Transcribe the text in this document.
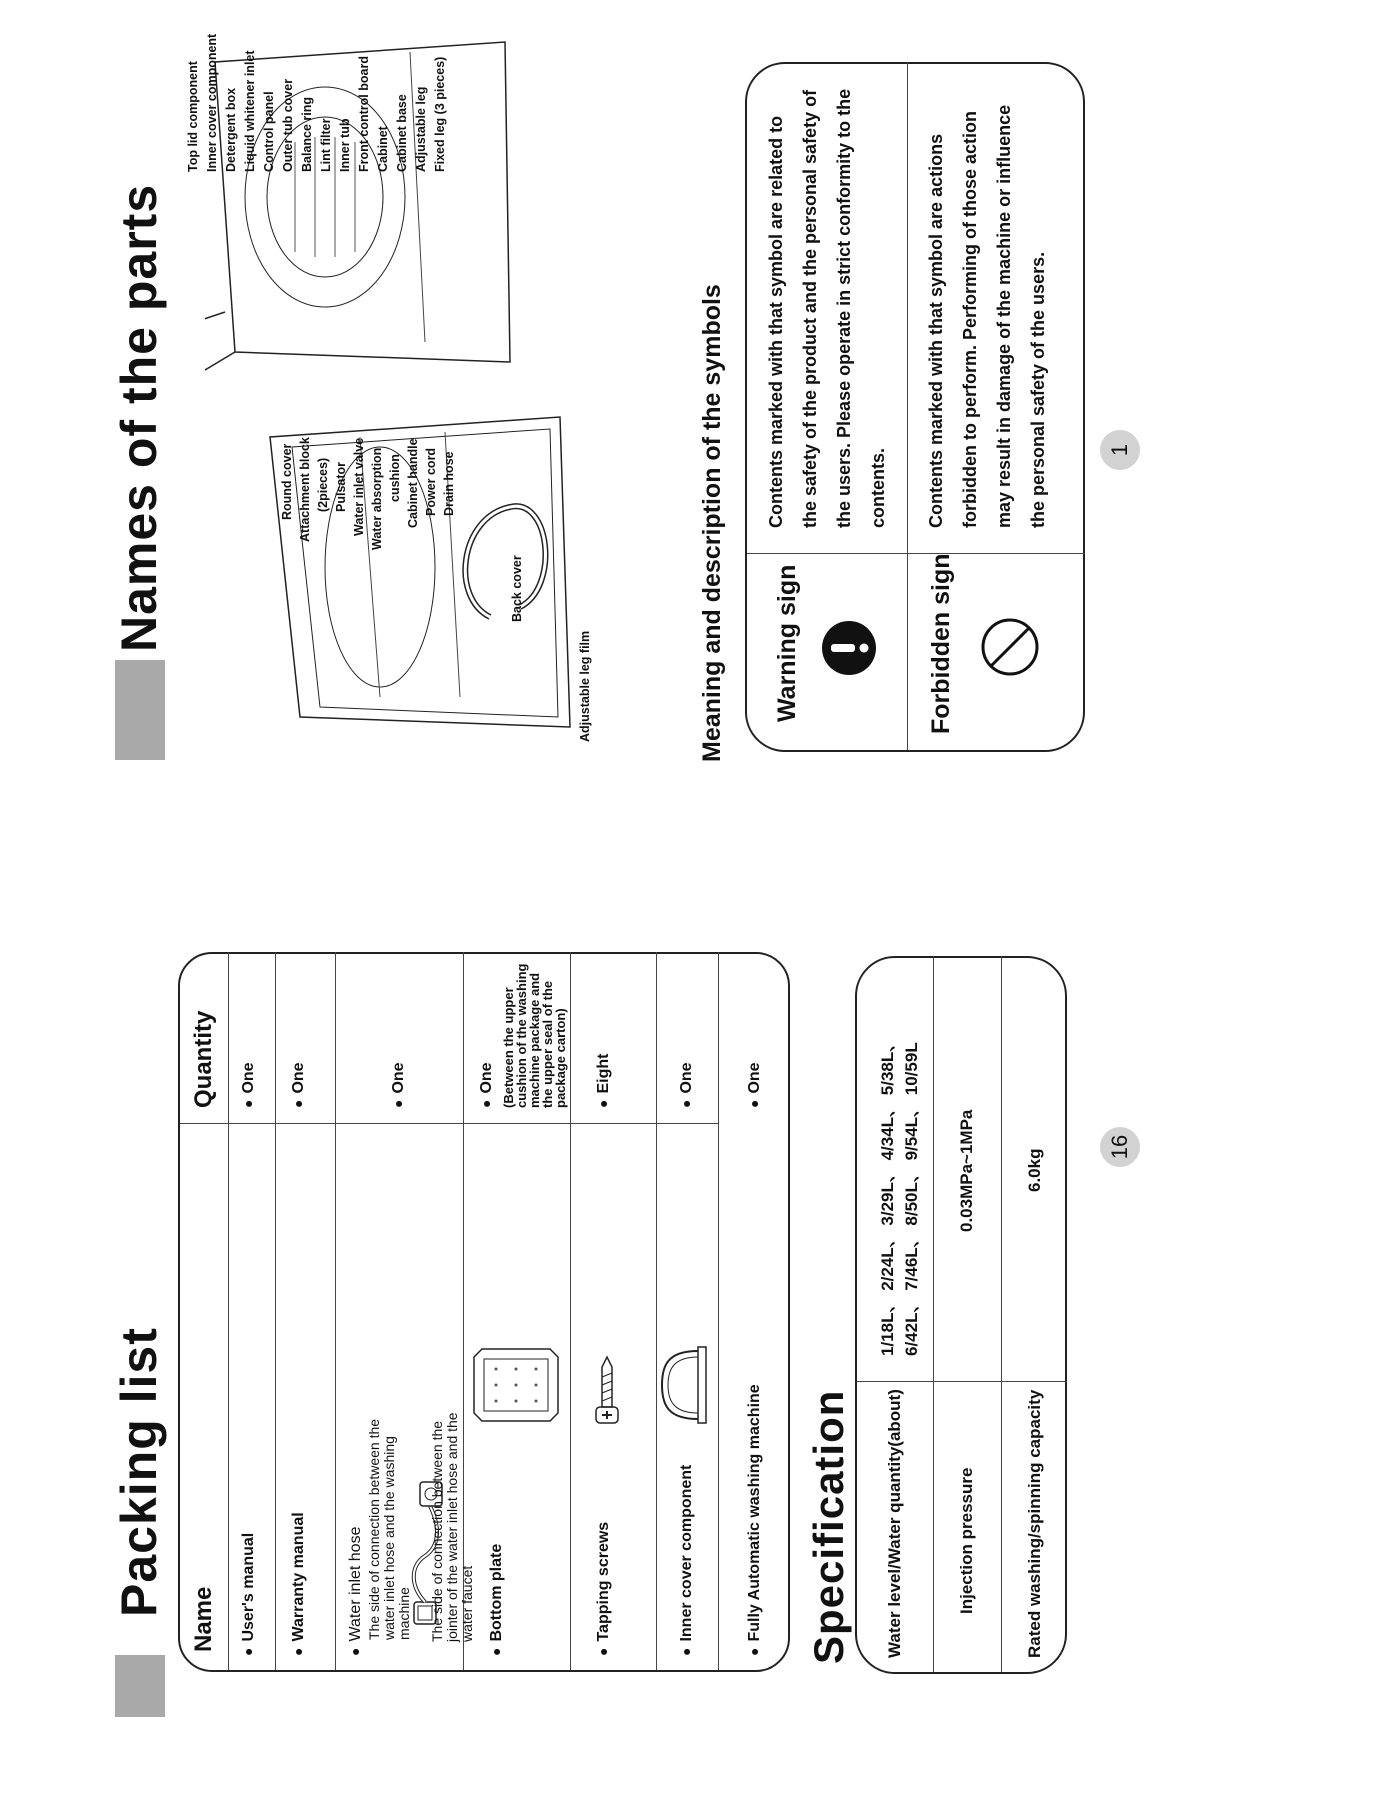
Packing list
Name
Quantity
● User's manual
● One
● Warranty manual
● One
● Water inlet hose The side of connection between the water inlet hose and the washing machine The side of connection between the jointer of the water inlet hose and the water faucet
● One
● Bottom plate
● One (Between the upper cushion of the washing machine package and the upper seal of the package carton)
● Tapping screws
● Eight
● Inner cover component
● One
● Fully Automatic washing machine
● One
Specification Water level/Water quantity(about)
1/18L、 2/24L、 3/29L、 4/34L、 5/38L、 6/42L、 7/46L、 8/50L、 9/54L、 10/59L
Injection pressure
0.03MPa~1MPa
Rated washing/spinning capacity
6.0kg
16
Names of the parts	Round cover Attachment block (2pieces) Pulsator Water inlet valve Water absorption cushion Cabinet handle Power cord Drain hose
Back cover
Adjustable leg film
Top lid component Inner cover component Detergent box Liquid whitener inlet Control panel Outer tub cover Balance ring Lint filter Inner tub Front control board Cabinet Cabinet base Adjustable leg Fixed leg (3 pieces)
Meaning and description of the symbols Warning sign
Contents marked with that symbol are related to the safety of the product and the personal safety of the users. Please operate in strict conformity to the contents.
Forbidden sign
Contents marked with that symbol are actions forbidden to perform. Performing of those action may result in damage of the machine or influence the personal safety of the users.	1
